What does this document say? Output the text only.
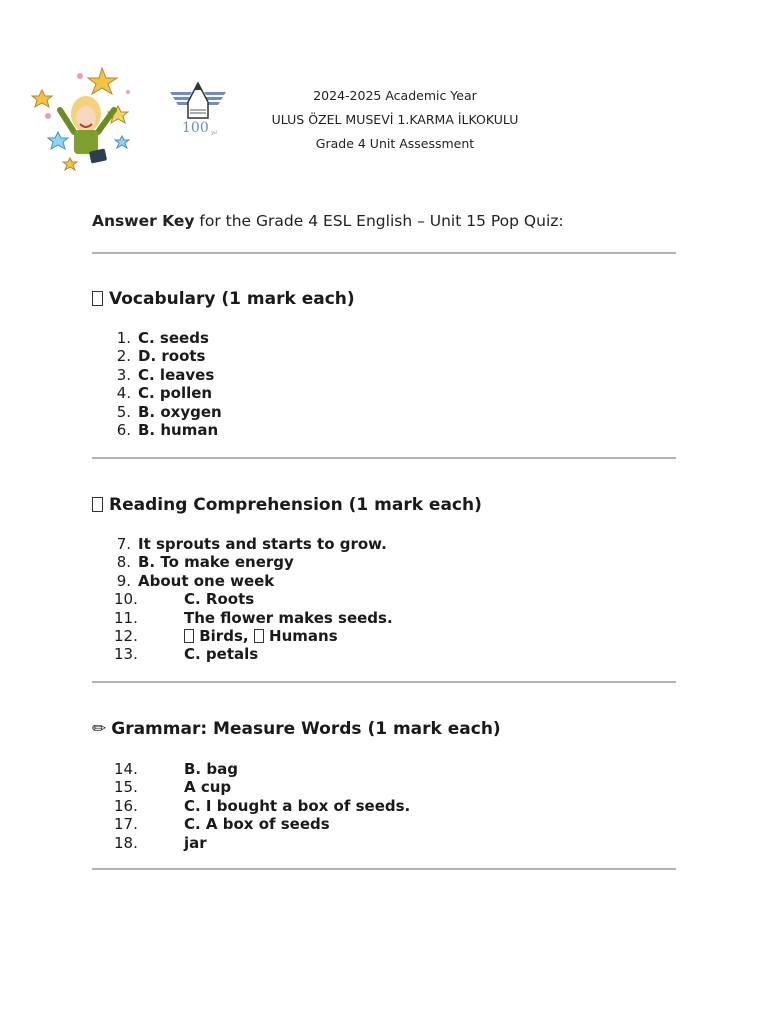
100 yıl
2024-2025 Academic Year
ULUS ÖZEL MUSEVİ 1.KARMA İLKOKULU
Grade 4 Unit Assessment
Answer Key for the Grade 4 ESL English – Unit 15 Pop Quiz:
Vocabulary (1 mark each)
1. C. seeds
2. D. roots
3. C. leaves
4. C. pollen
5. B. oxygen
6. B. human
Reading Comprehension (1 mark each)
7. It sprouts and starts to grow.
8. B. To make energy
9. About one week
10.	C. Roots
11.	The flower makes seeds.
12.	Birds, Humans
13.	C. petals
✏ Grammar: Measure Words (1 mark each)
14.	B. bag
15.	A cup
16.	C. I bought a box of seeds.
17.	C. A box of seeds
18.	jar
